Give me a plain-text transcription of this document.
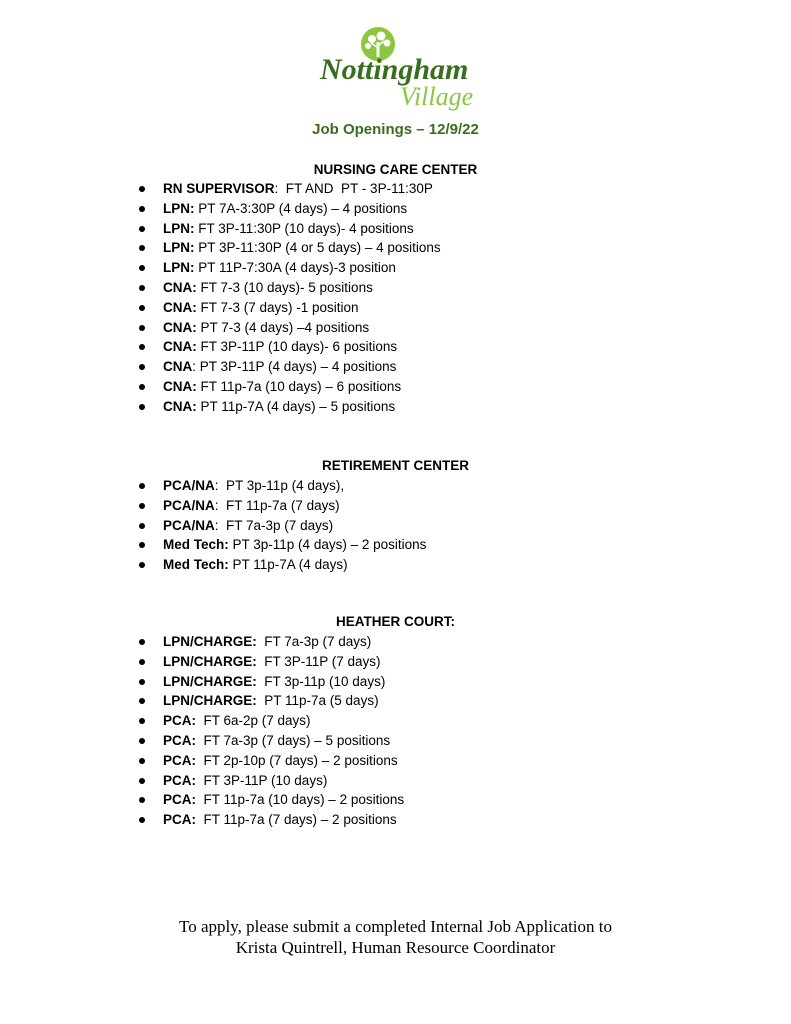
Nottingham
Village
Job Openings – 12/9/22
NURSING CARE CENTER
RN SUPERVISOR:  FT AND  PT - 3P-11:30P
LPN: PT 7A-3:30P (4 days) – 4 positions
LPN: FT 3P-11:30P (10 days)- 4 positions
LPN: PT 3P-11:30P (4 or 5 days) – 4 positions
LPN: PT 11P-7:30A (4 days)-3 position
CNA: FT 7-3 (10 days)- 5 positions
CNA: FT 7-3 (7 days) -1 position
CNA: PT 7-3 (4 days) –4 positions
CNA: FT 3P-11P (10 days)- 6 positions
CNA: PT 3P-11P (4 days) – 4 positions
CNA: FT 11p-7a (10 days) – 6 positions
CNA: PT 11p-7A (4 days) – 5 positions
RETIREMENT CENTER
PCA/NA:  PT 3p-11p (4 days),
PCA/NA:  FT 11p-7a (7 days)
PCA/NA:  FT 7a-3p (7 days)
Med Tech: PT 3p-11p (4 days) – 2 positions
Med Tech: PT 11p-7A (4 days)
HEATHER COURT:
LPN/CHARGE:  FT 7a-3p (7 days)
LPN/CHARGE:  FT 3P-11P (7 days)
LPN/CHARGE:  FT 3p-11p (10 days)
LPN/CHARGE:  PT 11p-7a (5 days)
PCA:  FT 6a-2p (7 days)
PCA:  FT 7a-3p (7 days) – 5 positions
PCA:  FT 2p-10p (7 days) – 2 positions
PCA:  FT 3P-11P (10 days)
PCA:  FT 11p-7a (10 days) – 2 positions
PCA:  FT 11p-7a (7 days) – 2 positions
To apply, please submit a completed Internal Job Application to
Krista Quintrell, Human Resource Coordinator
